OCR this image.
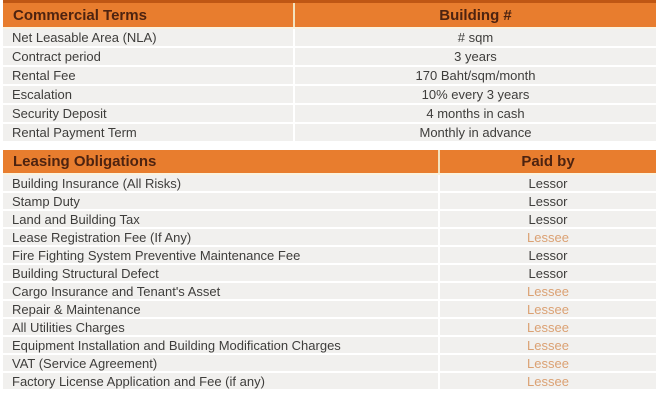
Commercial Terms	Building #
Net Leasable Area (NLA)	# sqm
Contract period	3 years
Rental Fee	170 Baht/sqm/month
Escalation	10% every 3 years
Security Deposit	4 months in cash
Rental Payment Term	Monthly in advance
Leasing Obligations	Paid by
Building Insurance (All Risks)	Lessor
Stamp Duty	Lessor
Land and Building Tax	Lessor
Lease Registration Fee (If Any)	Lessee
Fire Fighting System Preventive Maintenance Fee	Lessor
Building Structural Defect	Lessor
Cargo Insurance and Tenant's Asset	Lessee
Repair & Maintenance	Lessee
All Utilities Charges	Lessee
Equipment Installation and Building Modification Charges	Lessee
VAT (Service Agreement)	Lessee
Factory License Application and Fee (if any)	Lessee
